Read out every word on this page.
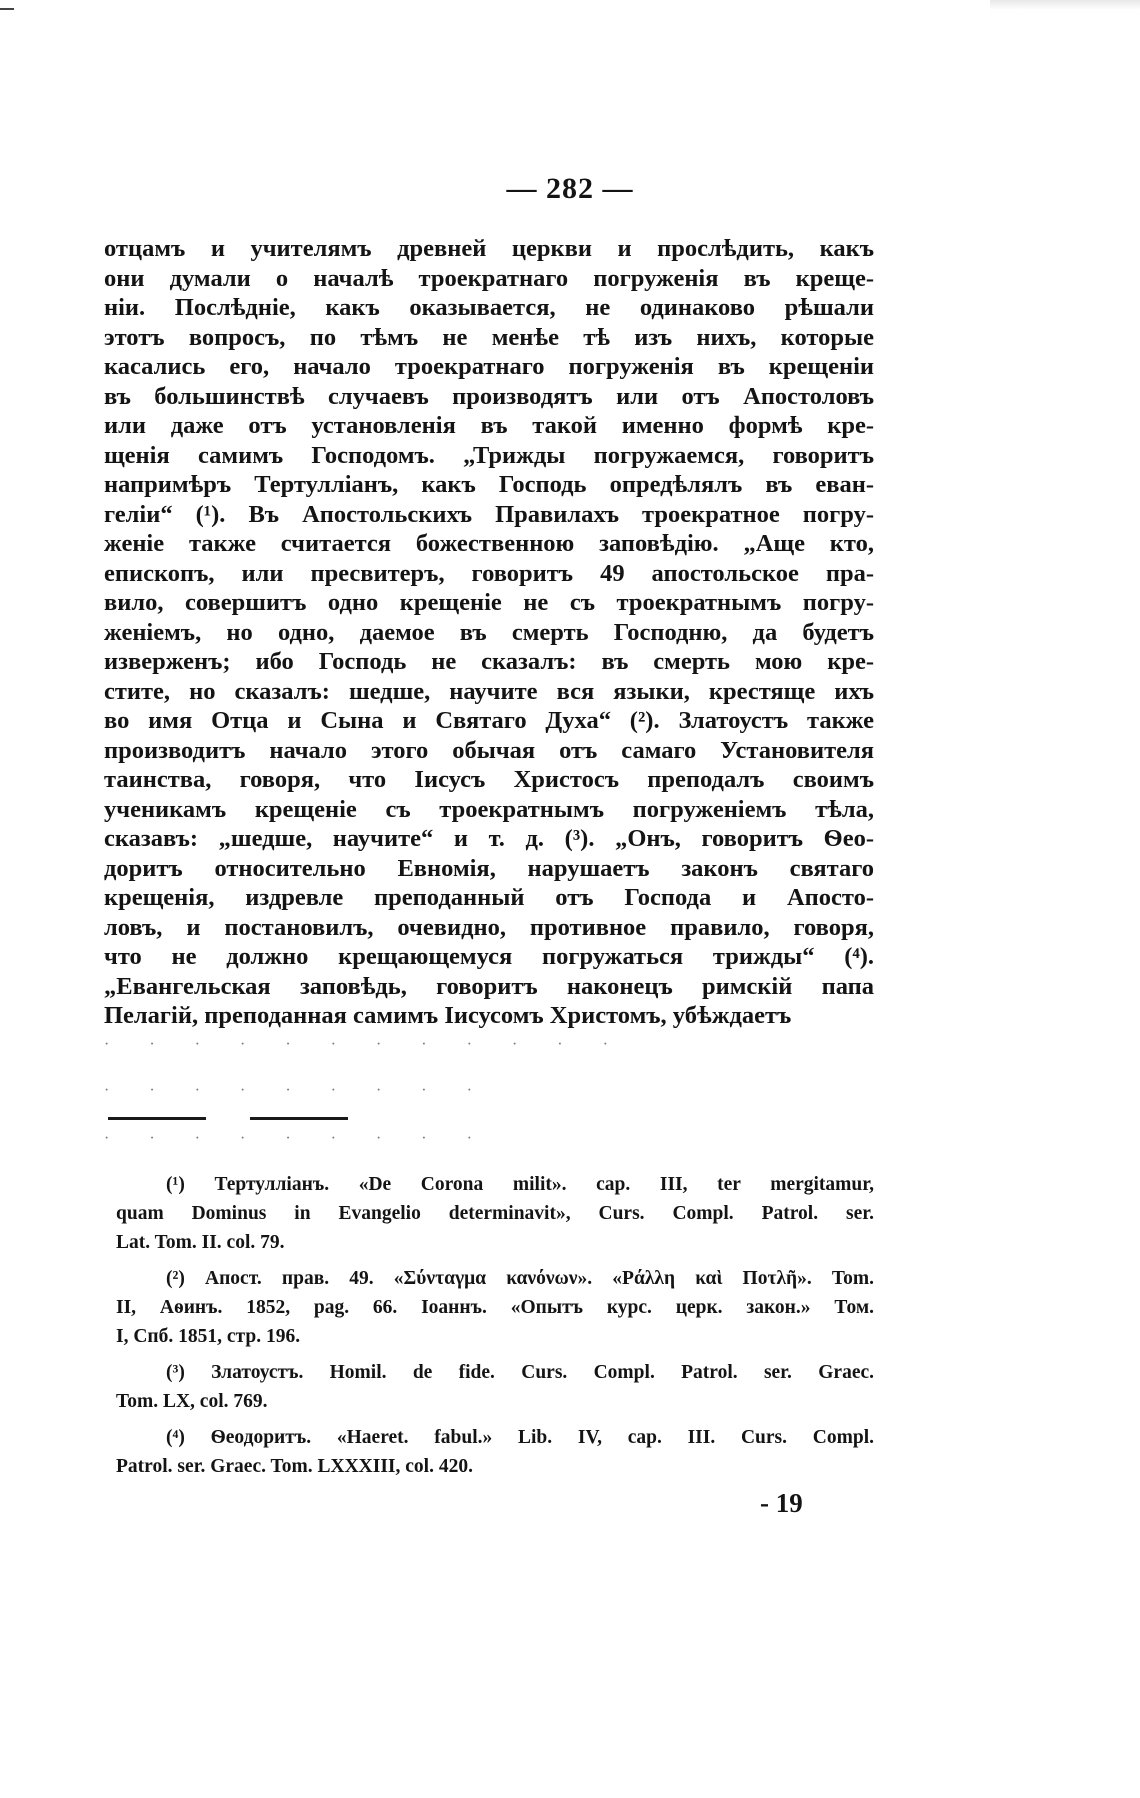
— 282 —
отцамъ и учителямъ древней церкви и прослѣдить, какъ
они думали о началѣ троекратнаго погруженія въ креще-
ніи. Послѣдніе, какъ оказывается, не одинаково рѣшали
этотъ вопросъ, по тѣмъ не менѣе тѣ изъ нихъ, которые
касались его, начало троекратнаго погруженія въ крещеніи
въ большинствѣ случаевъ производятъ или отъ Апостоловъ
или даже отъ установленія въ такой именно формѣ кре-
щенія самимъ Господомъ. „Трижды погружаемся, говоритъ
напримѣръ Тертулліанъ, какъ Господь опредѣлялъ въ еван-
геліи“ (¹). Въ Апостольскихъ Правилахъ троекратное погру-
женіе также считается божественною заповѣдію. „Аще кто,
епископъ, или пресвитеръ, говоритъ 49 апостольское пра-
вило, совершитъ одно крещеніе не съ троекратнымъ погру-
женіемъ, но одно, даемое въ смерть Господню, да будетъ
изверженъ; ибо Господь не сказалъ: въ смерть мою кре-
стите, но сказалъ: шедше, научите вся языки, крестяще ихъ
во имя Отца и Сына и Святаго Духа“ (²). Златоустъ также
производитъ начало этого обычая отъ самаго Установителя
таинства, говоря, что Іисусъ Христосъ преподалъ своимъ
ученикамъ крещеніе съ троекратнымъ погруженіемъ тѣла,
сказавъ: „шедше, научите“ и т. д. (³). „Онъ, говоритъ Ѳео-
доритъ относительно Евномія, нарушаетъ законъ святаго
крещенія, издревле преподанный отъ Господа и Апосто-
ловъ, и постановилъ, очевидно, противное правило, говоря,
что не должно крещающемуся погружаться трижды“ (⁴).
„Евангельская заповѣдь, говоритъ наконецъ римскій папа
Пелагій, преподанная самимъ Іисусомъ Христомъ, убѣждаетъ
· · · · · · · · · · · ·
· · · · · · · · ·
· · · · · · · · ·
(¹) Тертулліанъ. «De Corona milit». cap. III, ter mergitamur,
quam Dominus in Evangelio determinavit», Curs. Compl. Patrol. ser.
Lat. Tom. II. col. 79.
(²) Апост. прав. 49. «Σύνταγμα κανόνων». «Ράλλη καὶ Ποτλῆ». Tom.
II, Аѳинъ. 1852, pag. 66. Іоаннъ. «Опытъ курс. церк. закон.» Том.
I, Спб. 1851, стр. 196.
(³) Златоустъ. Homil. de fide. Curs. Compl. Patrol. ser. Graec.
Tom. LX, col. 769.
(⁴) Ѳеодоритъ. «Haeret. fabul.» Lib. IV, cap. III. Curs. Compl.
Patrol. ser. Graec. Tom. LXXXIII, col. 420.
- 19
